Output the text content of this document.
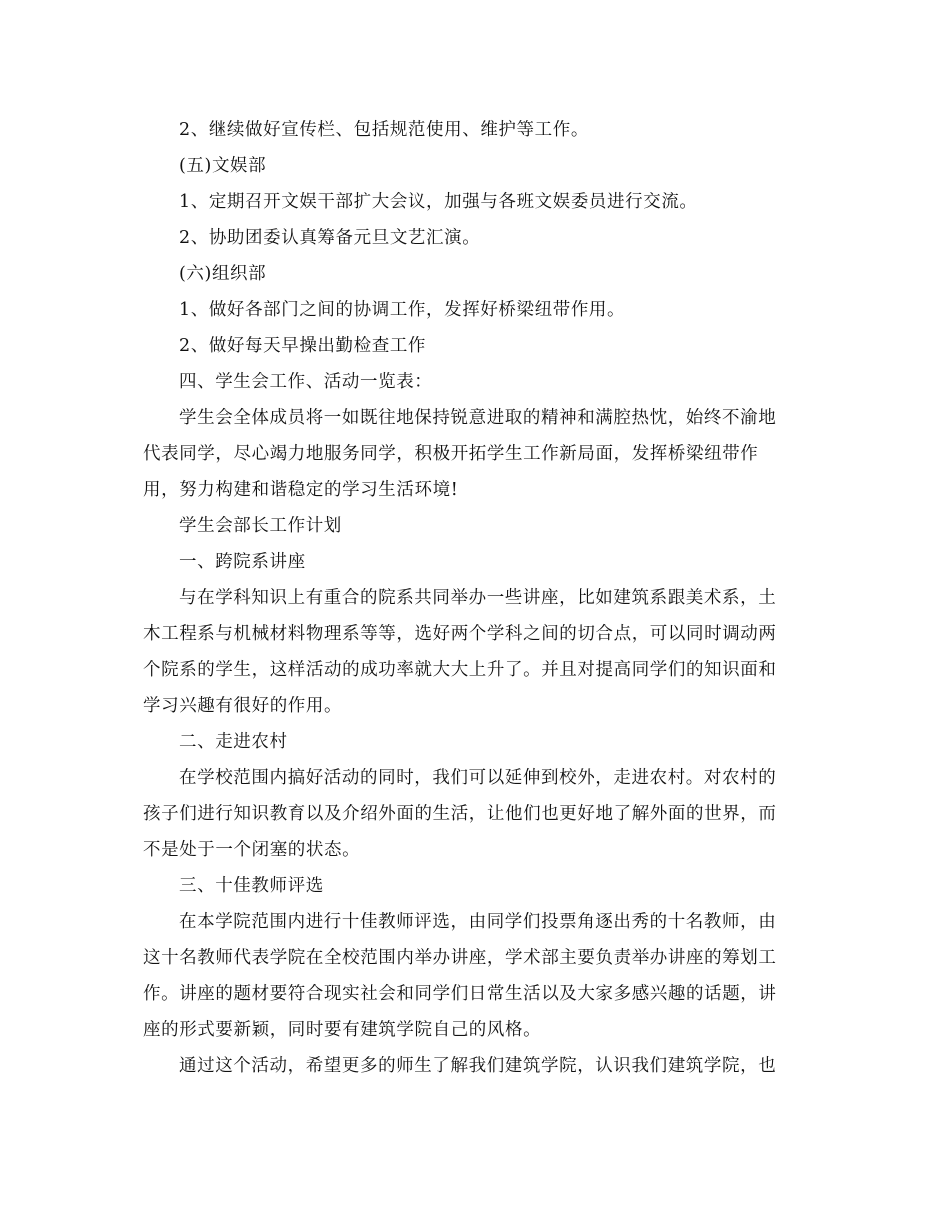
2、继续做好宣传栏、包括规范使用、维护等工作。
(五)文娱部
1、定期召开文娱干部扩大会议，加强与各班文娱委员进行交流。
2、协助团委认真筹备元旦文艺汇演。
(六)组织部
1、做好各部门之间的协调工作，发挥好桥梁纽带作用。
2、做好每天早操出勤检查工作
四、学生会工作、活动一览表：
学生会全体成员将一如既往地保持锐意进取的精神和满腔热忱，始终不渝地
代表同学，尽心竭力地服务同学，积极开拓学生工作新局面，发挥桥梁纽带作
用，努力构建和谐稳定的学习生活环境!
学生会部长工作计划
一、跨院系讲座
与在学科知识上有重合的院系共同举办一些讲座，比如建筑系跟美术系，土
木工程系与机械材料物理系等等，选好两个学科之间的切合点，可以同时调动两
个院系的学生，这样活动的成功率就大大上升了。并且对提高同学们的知识面和
学习兴趣有很好的作用。
二、走进农村
在学校范围内搞好活动的同时，我们可以延伸到校外，走进农村。对农村的
孩子们进行知识教育以及介绍外面的生活，让他们也更好地了解外面的世界，而
不是处于一个闭塞的状态。
三、十佳教师评选
在本学院范围内进行十佳教师评选，由同学们投票角逐出秀的十名教师，由
这十名教师代表学院在全校范围内举办讲座，学术部主要负责举办讲座的筹划工
作。讲座的题材要符合现实社会和同学们日常生活以及大家多感兴趣的话题，讲
座的形式要新颖，同时要有建筑学院自己的风格。
通过这个活动，希望更多的师生了解我们建筑学院，认识我们建筑学院，也
